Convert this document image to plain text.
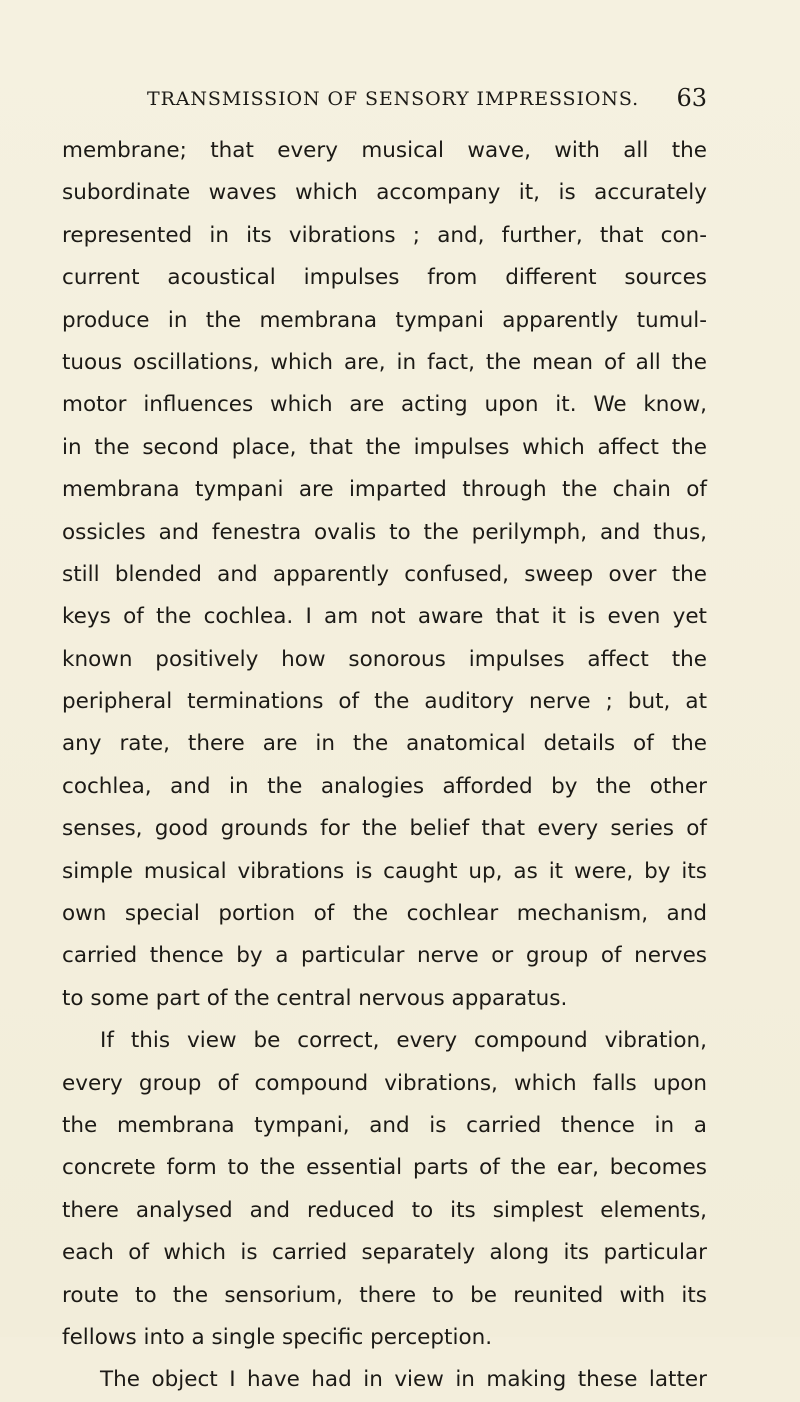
TRANSMISSION OF SENSORY IMPRESSIONS. 63
membrane; that every musical wave, with all the
subordinate waves which accompany it, is accurately
represented in its vibrations ; and, further, that con-
current acoustical impulses from different sources
produce in the membrana tympani apparently tumul-
tuous oscillations, which are, in fact, the mean of all the
motor influences which are acting upon it. We know,
in the second place, that the impulses which affect the
membrana tympani are imparted through the chain of
ossicles and fenestra ovalis to the perilymph, and thus,
still blended and apparently confused, sweep over the
keys of the cochlea. I am not aware that it is even yet
known positively how sonorous impulses affect the
peripheral terminations of the auditory nerve ; but, at
any rate, there are in the anatomical details of the
cochlea, and in the analogies afforded by the other
senses, good grounds for the belief that every series of
simple musical vibrations is caught up, as it were, by its
own special portion of the cochlear mechanism, and
carried thence by a particular nerve or group of nerves
to some part of the central nervous apparatus.
If this view be correct, every compound vibration,
every group of compound vibrations, which falls upon
the membrana tympani, and is carried thence in a
concrete form to the essential parts of the ear, becomes
there analysed and reduced to its simplest elements,
each of which is carried separately along its particular
route to the sensorium, there to be reunited with its
fellows into a single specific perception.
The object I have had in view in making these latter
